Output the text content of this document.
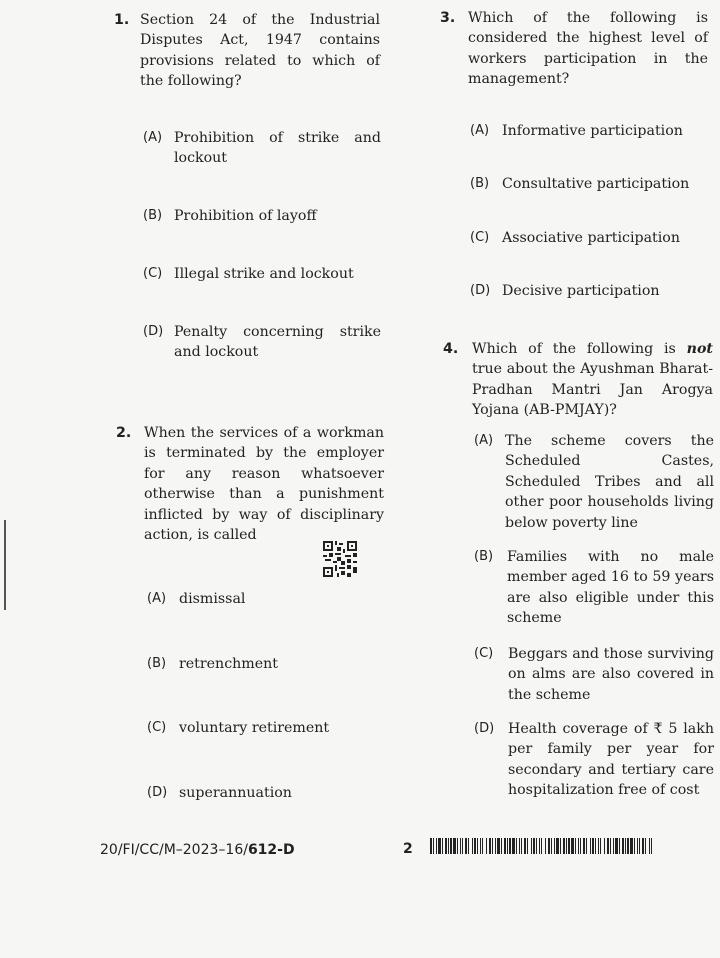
1. Section 24 of the Industrial Disputes Act, 1947 contains provisions related to which of the following?
(A) Prohibition of strike and lockout
(B) Prohibition of layoff
(C) Illegal strike and lockout
(D) Penalty concerning strike and lockout
2. When the services of a workman is terminated by the employer for any reason whatsoever otherwise than a punishment inflicted by way of disciplinary action, is called
(A) dismissal
(B) retrenchment
(C) voluntary retirement
(D) superannuation
3. Which of the following is considered the highest level of workers participation in the management?
(A) Informative participation
(B) Consultative participation
(C) Associative participation
(D) Decisive participation
4. Which of the following is not true about the Ayushman Bharat-Pradhan Mantri Jan Arogya Yojana (AB-PMJAY)?
(A) The scheme covers the Scheduled Castes, Scheduled Tribes and all other poor households living below poverty line
(B) Families with no male member aged 16 to 59 years are also eligible under this scheme
(C) Beggars and those surviving on alms are also covered in the scheme
(D) Health coverage of ₹ 5 lakh per family per year for secondary and tertiary care hospitalization free of cost
20/FI/CC/M–2023–16/612-D	2
